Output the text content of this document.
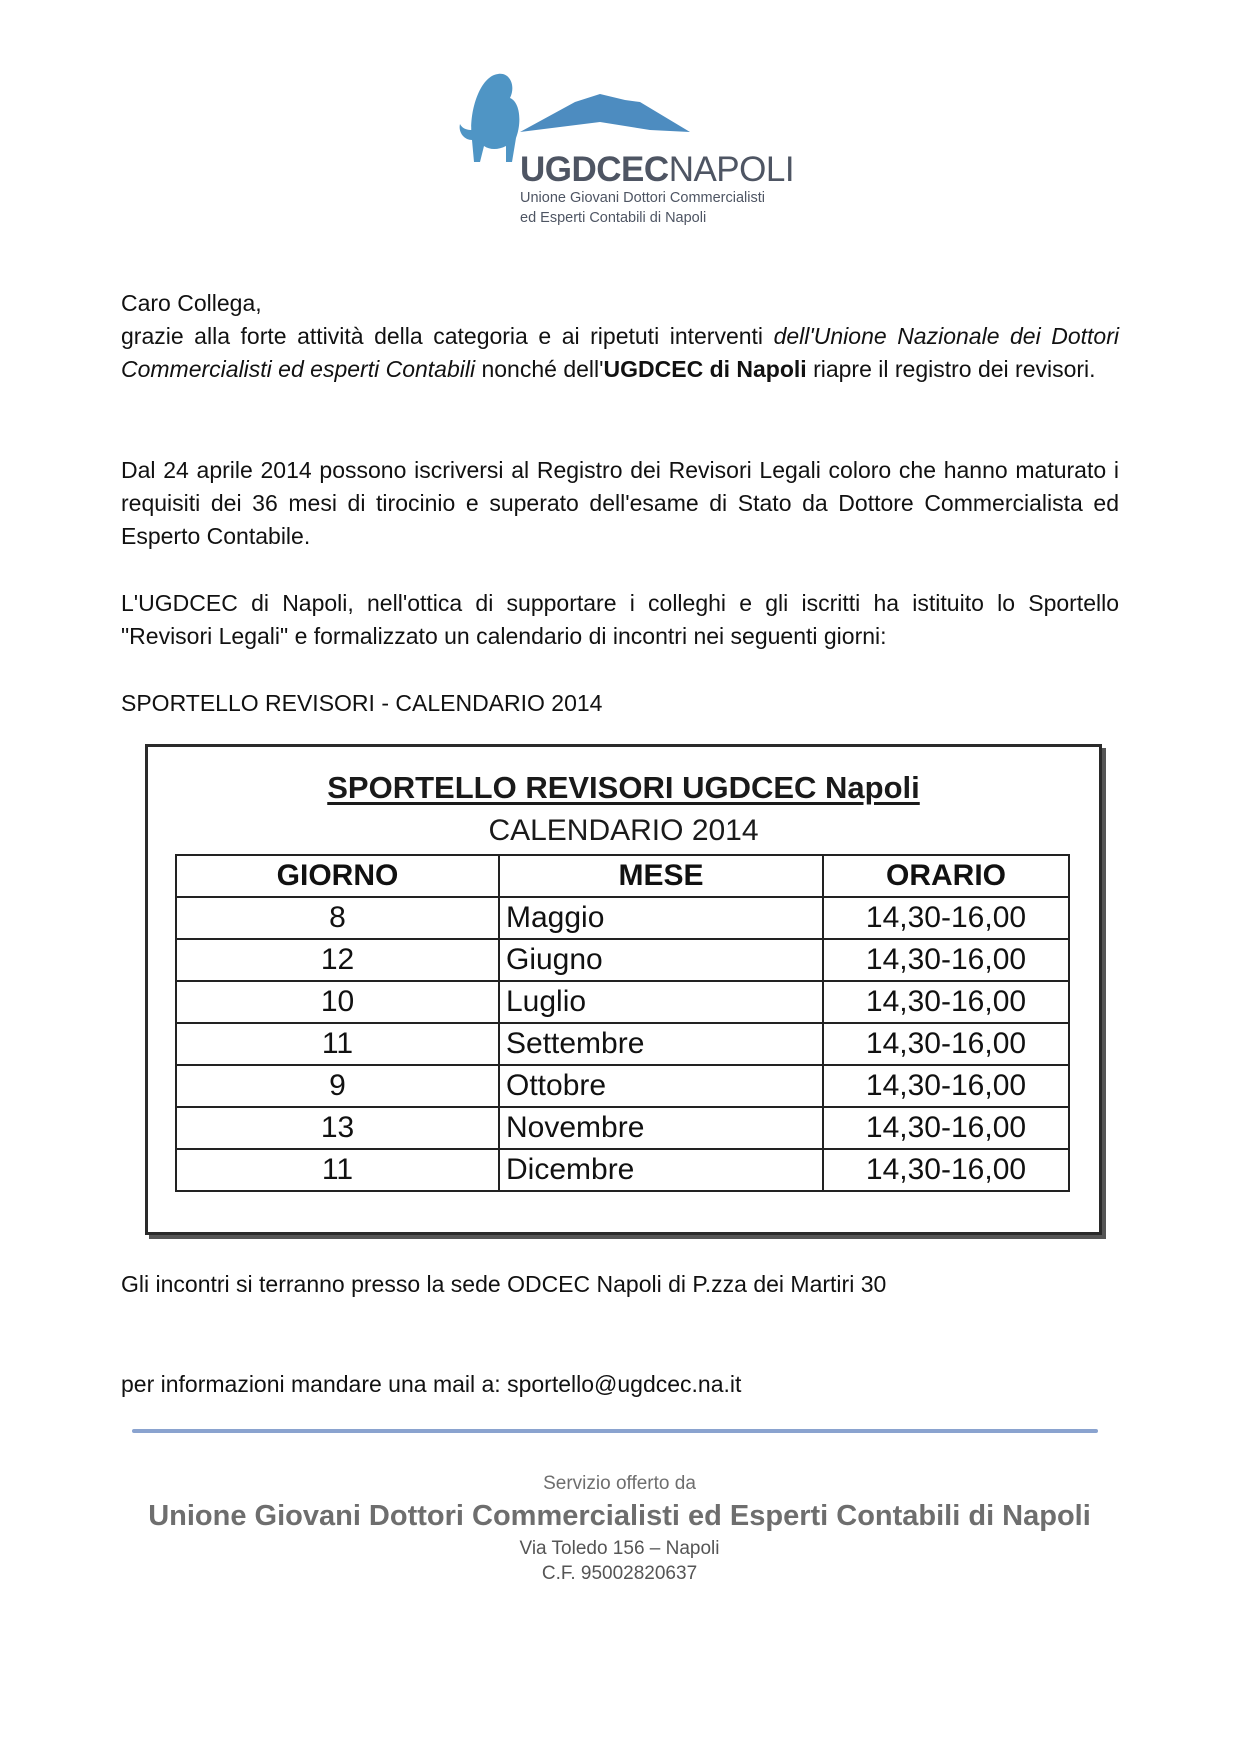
UGDCECNAPOLI
Unione Giovani Dottori Commercialisti
ed Esperti Contabili di Napoli
Caro Collega,
grazie alla forte attività della categoria e ai ripetuti interventi dell'Unione Nazionale dei Dottori Commercialisti ed esperti Contabili nonché dell'UGDCEC di Napoli riapre il registro dei revisori.
Dal 24 aprile 2014 possono iscriversi al Registro dei Revisori Legali coloro che hanno maturato i requisiti dei 36 mesi di tirocinio e superato dell'esame di Stato da Dottore Commercialista ed Esperto Contabile.
L'UGDCEC di Napoli, nell'ottica di supportare i colleghi e gli iscritti ha istituito lo Sportello "Revisori Legali" e formalizzato un calendario di incontri nei seguenti giorni:
SPORTELLO REVISORI - CALENDARIO 2014
SPORTELLO REVISORI UGDCEC Napoli
CALENDARIO 2014
GIORNO	MESE	ORARIO
8	Maggio	14,30-16,00
12	Giugno	14,30-16,00
10	Luglio	14,30-16,00
11	Settembre	14,30-16,00
9	Ottobre	14,30-16,00
13	Novembre	14,30-16,00
11	Dicembre	14,30-16,00
Gli incontri si terranno presso la sede ODCEC Napoli di P.zza dei Martiri 30
per informazioni mandare una mail a: sportello@ugdcec.na.it
Servizio offerto da
Unione Giovani Dottori Commercialisti ed Esperti Contabili di Napoli
Via Toledo 156 – Napoli
C.F. 95002820637
